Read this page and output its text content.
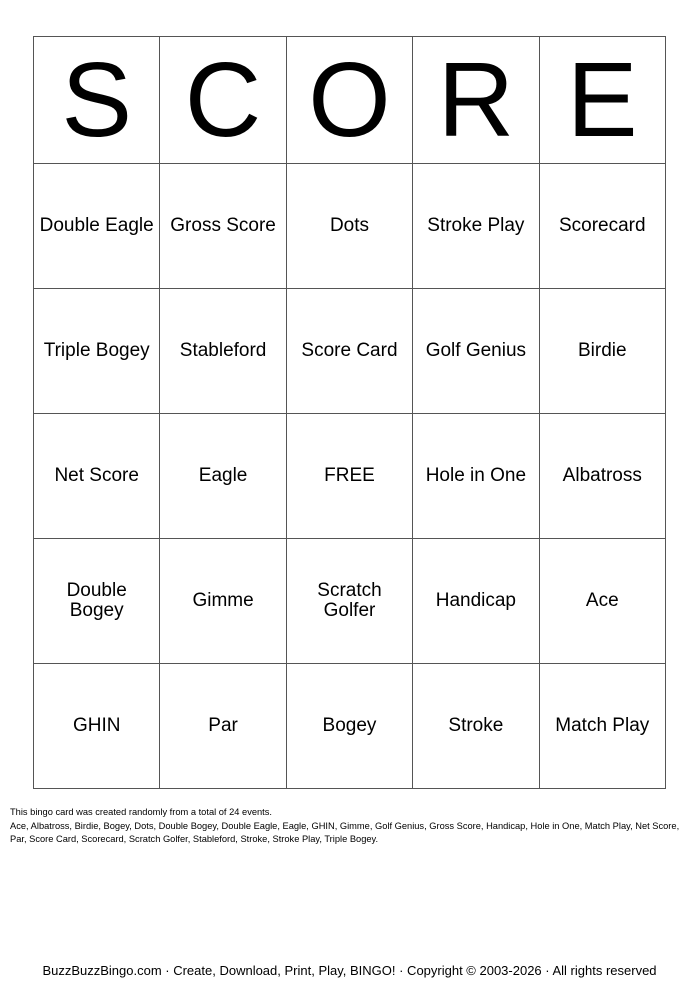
S	C	O	R	E
Double Eagle	Gross Score	Dots	Stroke Play	Scorecard
Triple Bogey	Stableford	Score Card	Golf Genius	Birdie
Net Score	Eagle	FREE	Hole in One	Albatross
Double Bogey	Gimme	Scratch Golfer	Handicap	Ace
GHIN	Par	Bogey	Stroke	Match Play
This bingo card was created randomly from a total of 24 events.
Ace, Albatross, Birdie, Bogey, Dots, Double Bogey, Double Eagle, Eagle, GHIN, Gimme, Golf Genius, Gross Score, Handicap, Hole in One, Match Play, Net Score, Par, Score Card, Scorecard, Scratch Golfer, Stableford, Stroke, Stroke Play, Triple Bogey.
BuzzBuzzBingo.com · Create, Download, Print, Play, BINGO! · Copyright © 2003-2026 · All rights reserved
